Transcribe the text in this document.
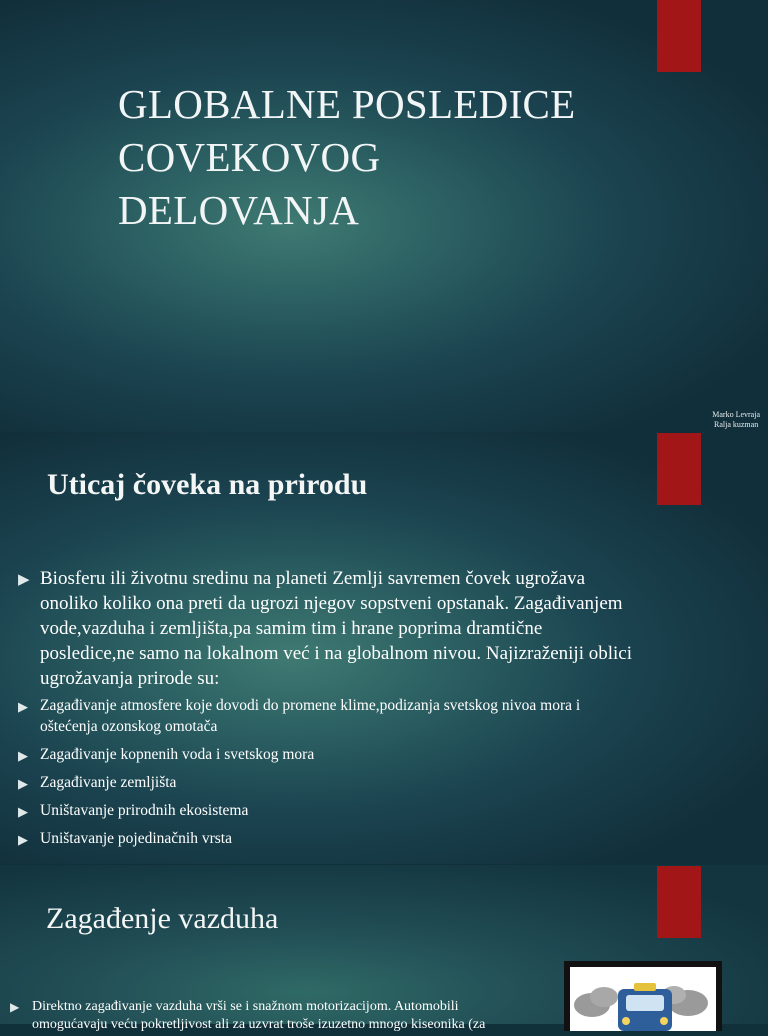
GLOBALNE POSLEDICE
COVEKOVOG
DELOVANJA
Marko Levraja
Ralja kuzman
Uticaj čoveka na prirodu
▶ Biosferu ili životnu sredinu na planeti Zemlji savremen čovek ugrožava onoliko koliko ona preti da ugrozi njegov sopstveni opstanak. Zagađivanjem vode,vazduha i zemljišta,pa samim tim i hrane poprima dramtične posledice,ne samo na lokalnom već i na globalnom nivou. Najizraženiji oblici ugrožavanja prirode su:
▶ Zagađivanje atmosfere koje dovodi do promene klime,podizanja svetskog nivoa mora i oštećenja ozonskog omotača
▶ Zagađivanje kopnenih voda i svetskog mora
▶ Zagađivanje zemljišta
▶ Uništavanje prirodnih ekosistema
▶ Uništavanje pojedinačnih vrsta
Zagađenje vazduha
▶ Direktno zagađivanje vazduha vrši se i snažnom motorizacijom. Automobili omogućavaju veću pokretljivost ali za uzvrat troše izuzetno mnogo kiseonika (za
